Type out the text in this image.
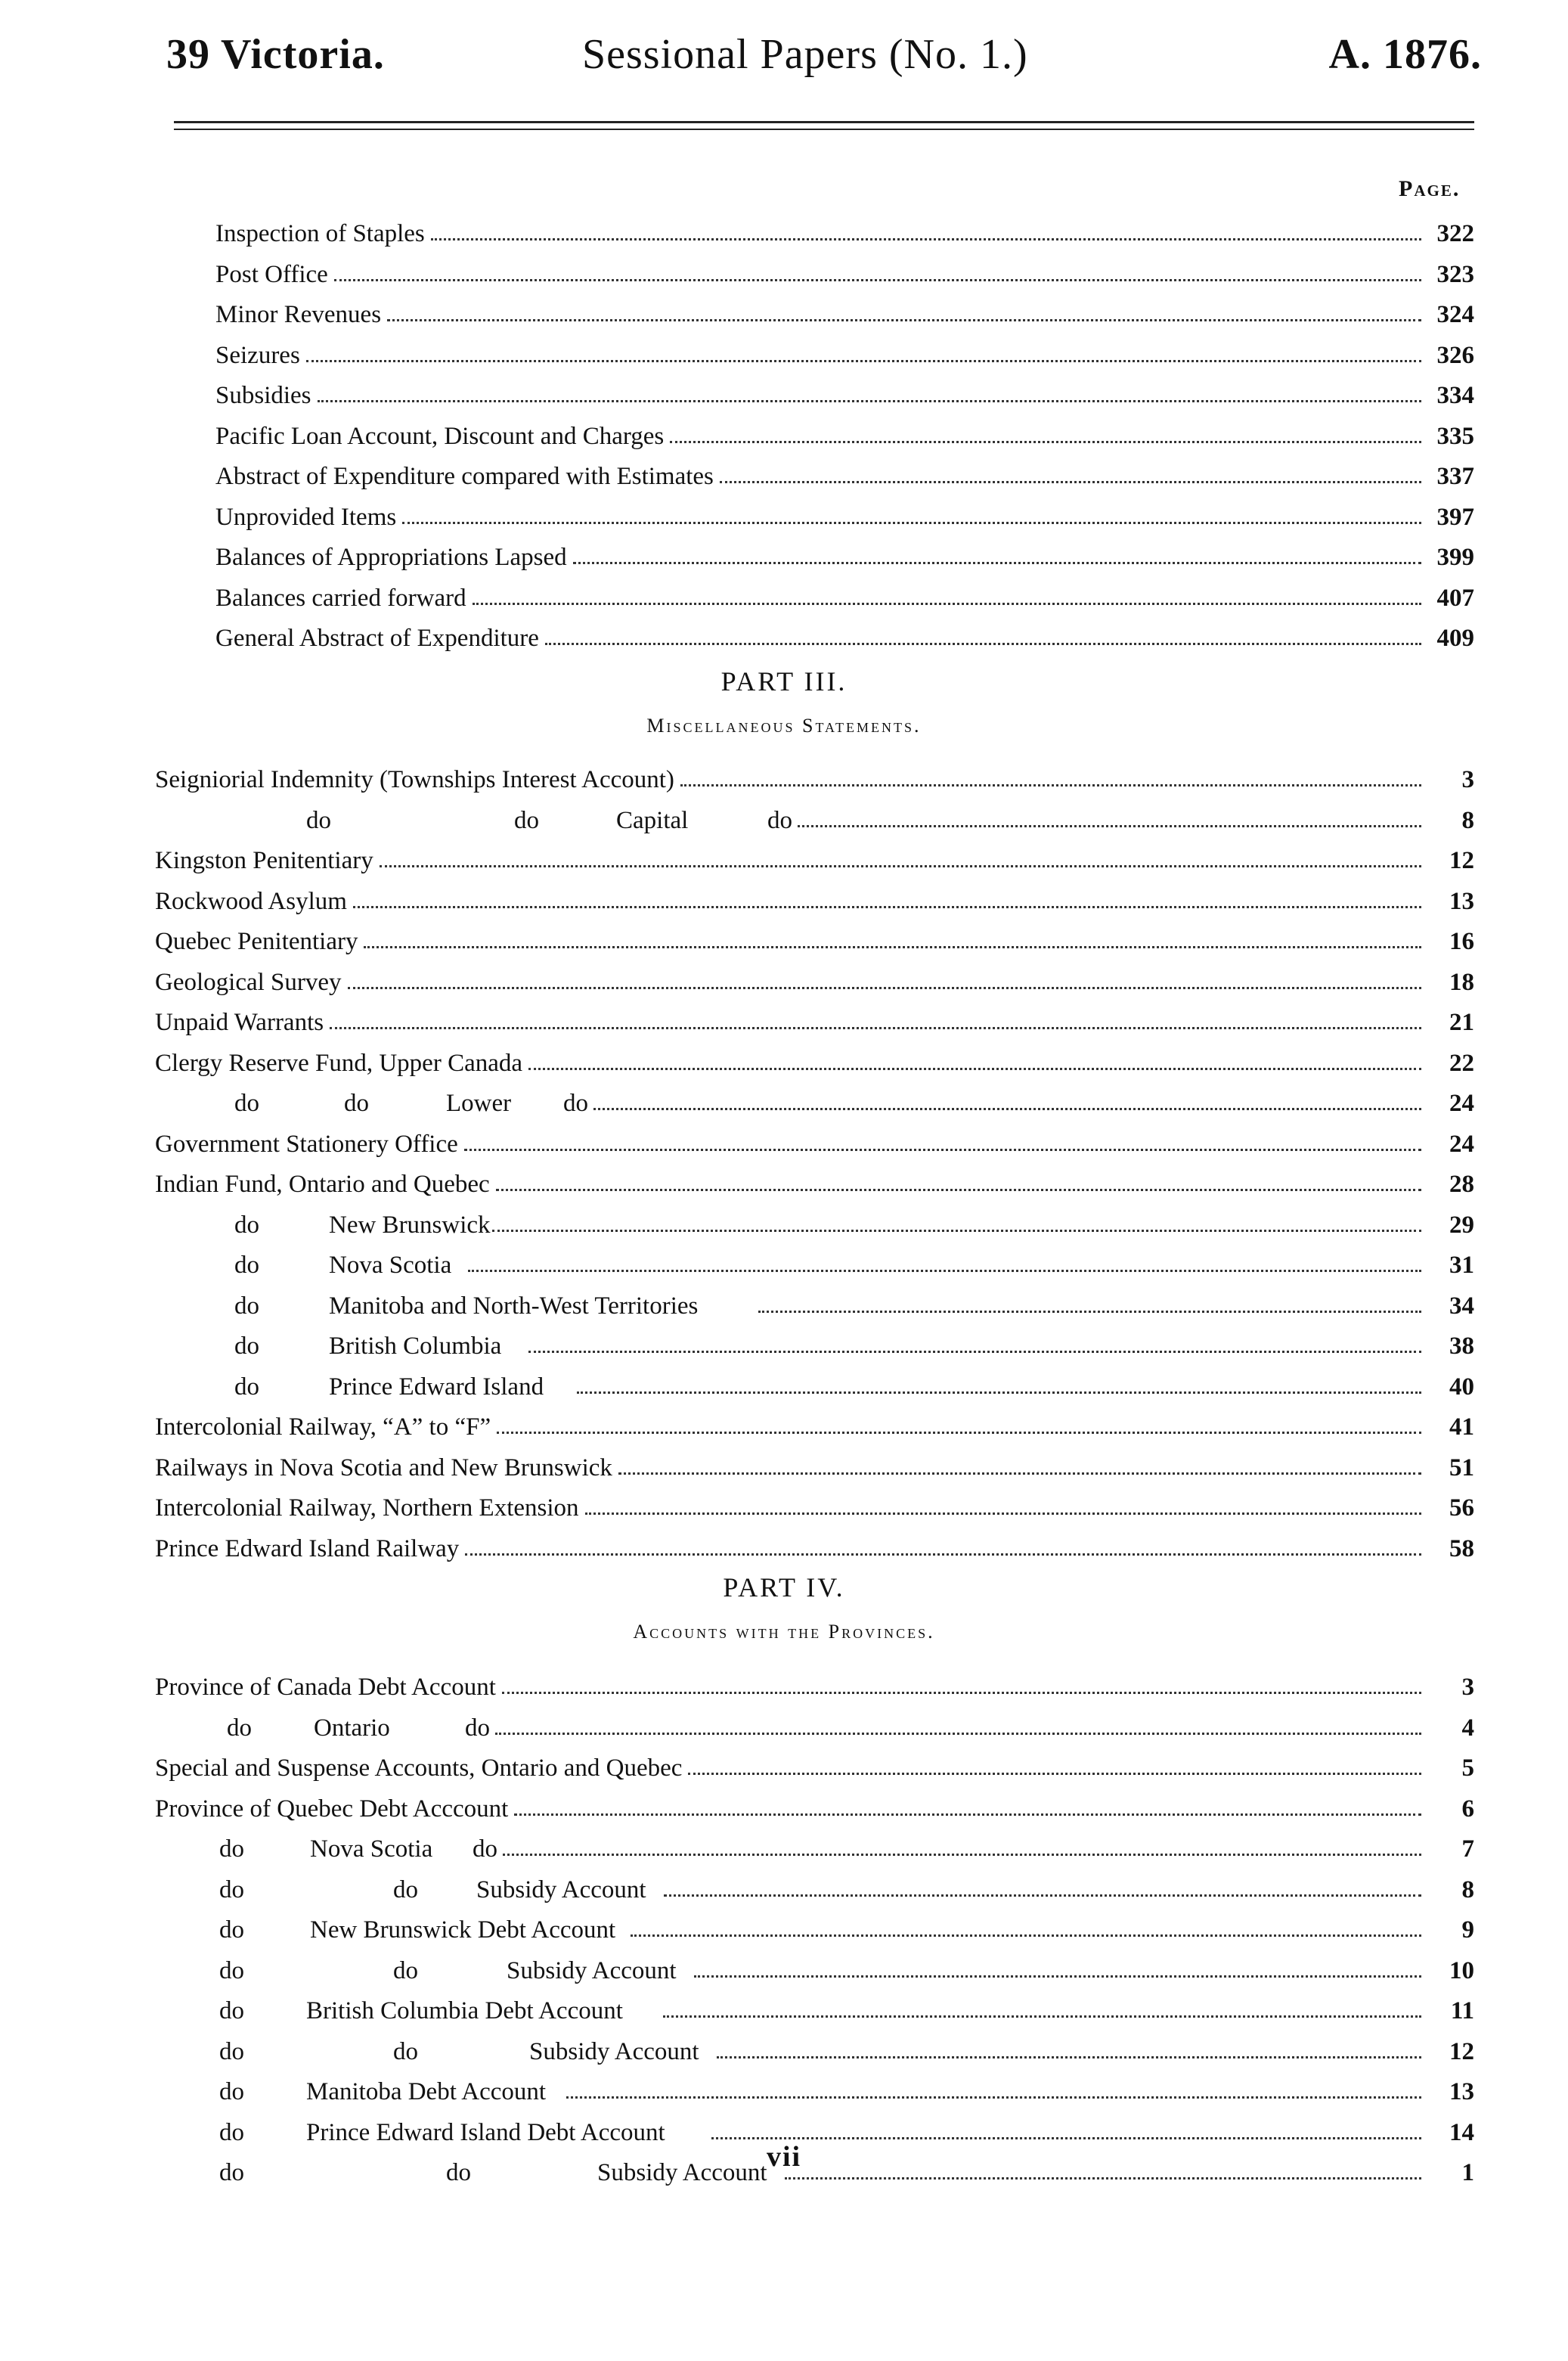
39 Victoria.	Sessional Papers (No. 1.)	A. 1876.
Page.
Inspection of Staples	322
Post Office	323
Minor Revenues	324
Seizures	326
Subsidies	334
Pacific Loan Account, Discount and Charges	335
Abstract of Expenditure compared with Estimates	337
Unprovided Items	397
Balances of Appropriations Lapsed	399
Balances carried forward	407
General Abstract of Expenditure	409
PART III.
Miscellaneous Statements.
Seigniorial Indemnity (Townships Interest Account)	3
do	do	Capital	do	8
Kingston Penitentiary	12
Rockwood Asylum	13
Quebec Penitentiary	16
Geological Survey	18
Unpaid Warrants	21
Clergy Reserve Fund, Upper Canada	22
do	do	Lower do	24
Government Stationery Office	24
Indian Fund, Ontario and Quebec	28
do	New Brunswick	29
do	Nova Scotia	31
do	Manitoba and North-West Territories	34
do	British Columbia	38
do	Prince Edward Island	40
Intercolonial Railway, “A” to “F”	41
Railways in Nova Scotia and New Brunswick	51
Intercolonial Railway, Northern Extension	56
Prince Edward Island Railway	58
PART IV.
Accounts with the Provinces.
Province of Canada Debt Account	3
do Ontario	do	4
Special and Suspense Accounts, Ontario and Quebec	5
Province of Quebec Debt Acccount	6
do	Nova Scotia do	7
do	do Subsidy Account	8
do	New Brunswick Debt Account	9
do	do	Subsidy Account	10
do British Columbia Debt Account	11
do	do	Subsidy Account	12
do Manitoba Debt Account	13
do Prince Edward Island Debt Account	14
do	do	Subsidy Account	1
vii
